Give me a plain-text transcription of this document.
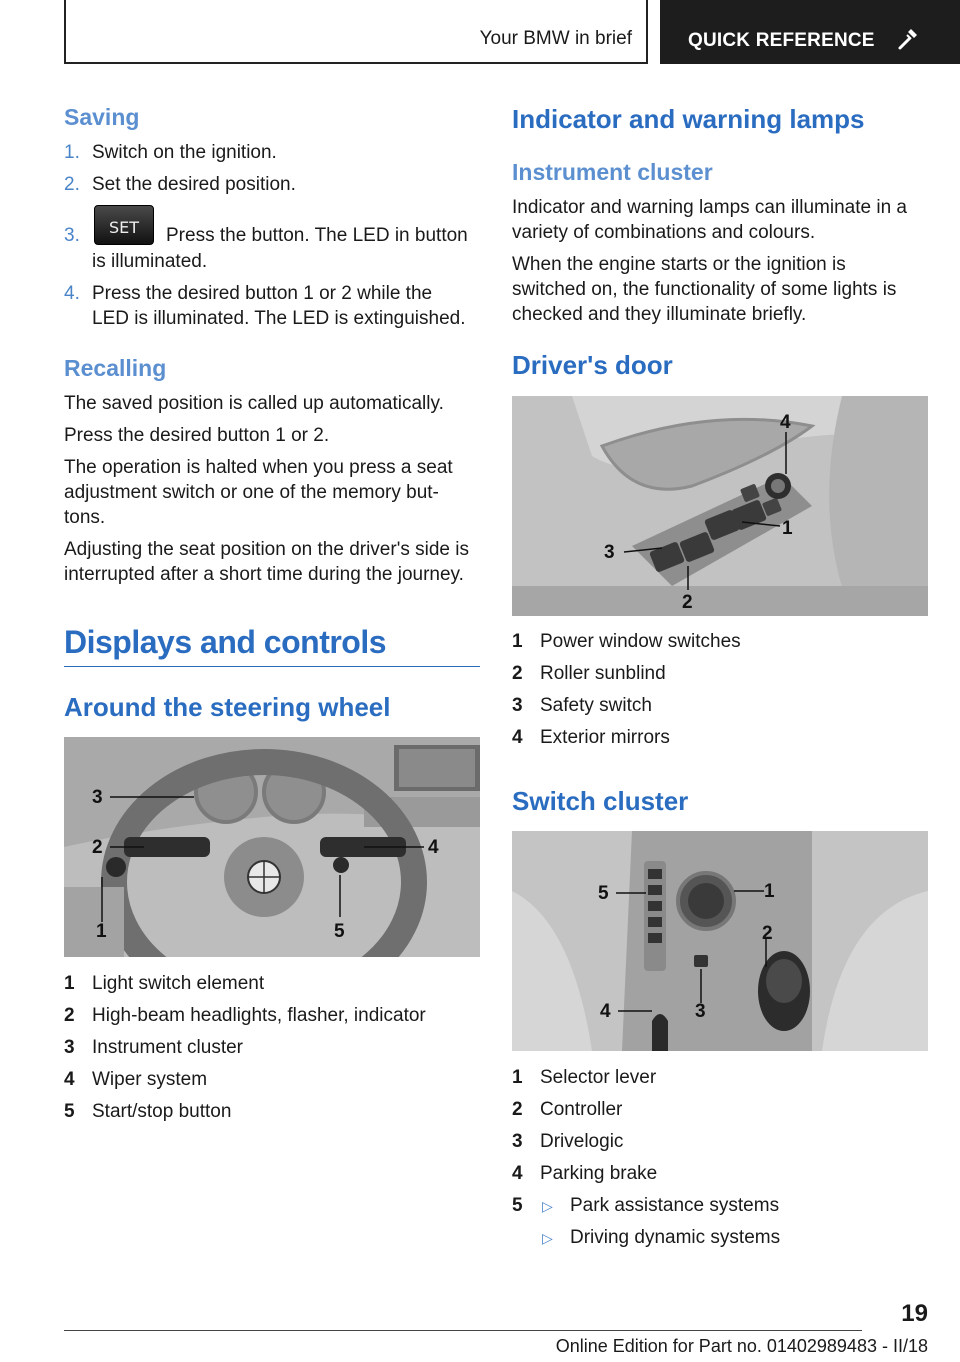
Your BMW in brief	QUICK REFERENCE
Saving
1. Switch on the ignition.
2. Set the desired position.
3.	SET	Press the button. The LED in button
is illuminated.
4. Press the desired button 1 or 2 while the LED is illuminated. The LED is extinguished.
Recalling
The saved position is called up automatically.
Press the desired button 1 or 2.
The operation is halted when you press a seat adjustment switch or one of the memory but- tons.
Adjusting the seat position on the driver's side is interrupted after a short time during the journey.
Displays and controls
Around the steering wheel
3
2	4
1	5
1 Light switch element
2 High-beam headlights, flasher, indicator
3 Instrument cluster
4 Wiper system
5 Start/stop button
Indicator and warning lamps
Instrument cluster
Indicator and warning lamps can illuminate in a variety of combinations and colours.
When the engine starts or the ignition is switched on, the functionality of some lights is checked and they illuminate briefly.
Driver's door
4
1
3
2
1 Power window switches
2 Roller sunblind
3 Safety switch
4 Exterior mirrors
Switch cluster
5	1
2
3
4
1 Selector lever
2 Controller
3 Drivelogic
4 Parking brake
5 ▷ Park assistance systems
▷ Driving dynamic systems
19
Online Edition for Part no. 01402989483 - II/18
